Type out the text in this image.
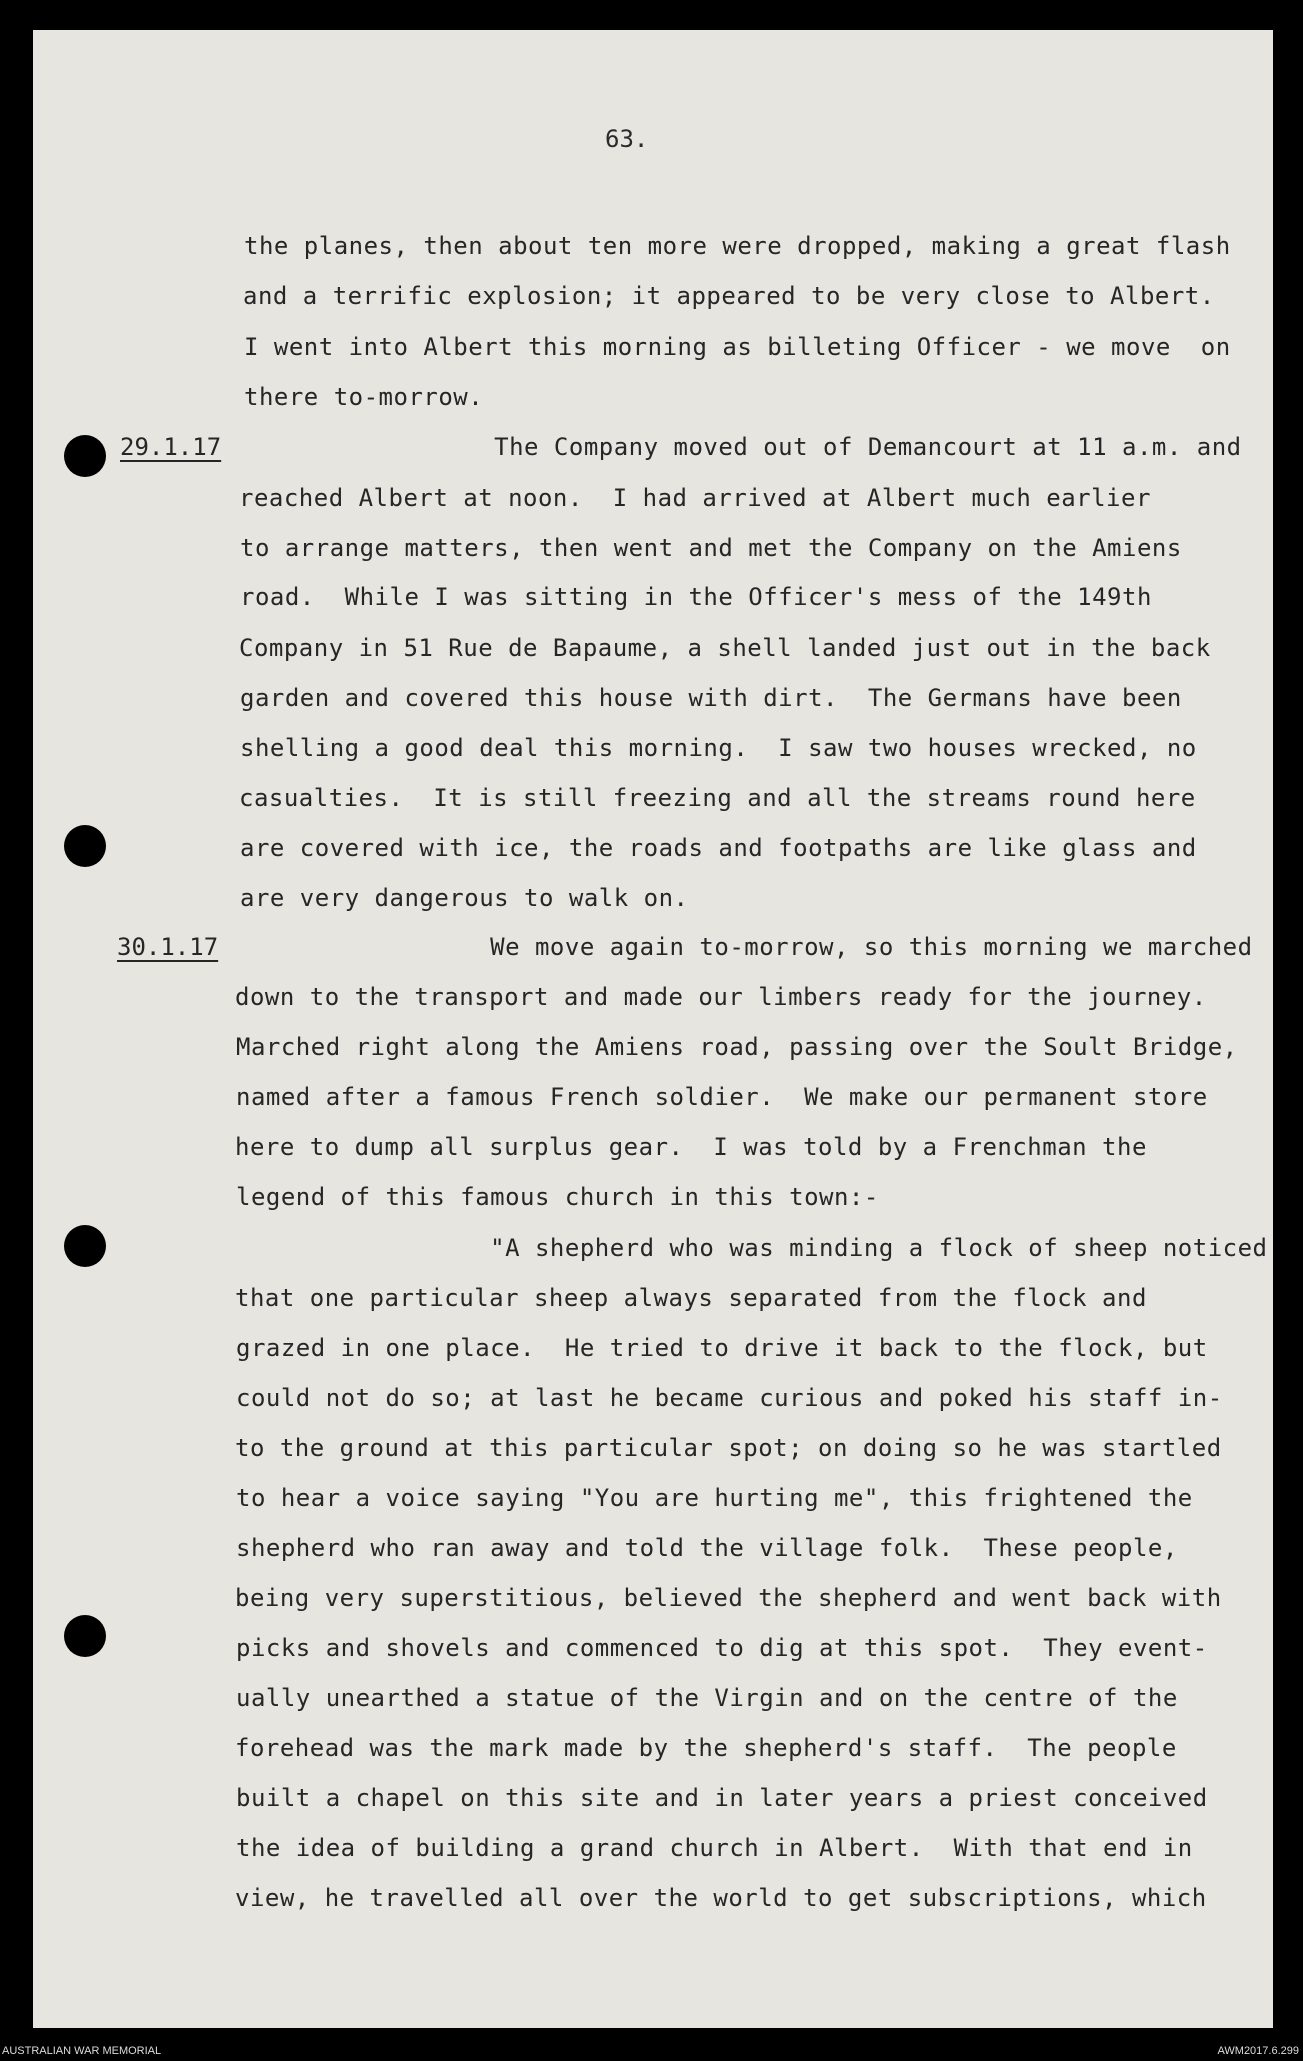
63.
the planes, then about ten more were dropped, making a great flash
and a terrific explosion; it appeared to be very close to Albert.
I went into Albert this morning as billeting Officer - we move  on
there to-morrow.
29.1.17 The Company moved out of Demancourt at 11 a.m. and
reached Albert at noon.  I had arrived at Albert much earlier
to arrange matters, then went and met the Company on the Amiens
road.  While I was sitting in the Officer's mess of the 149th
Company in 51 Rue de Bapaume, a shell landed just out in the back
garden and covered this house with dirt.  The Germans have been
shelling a good deal this morning.  I saw two houses wrecked, no
casualties.  It is still freezing and all the streams round here
are covered with ice, the roads and footpaths are like glass and
are very dangerous to walk on.
30.1.17 We move again to-morrow, so this morning we marched
down to the transport and made our limbers ready for the journey.
Marched right along the Amiens road, passing over the Soult Bridge,
named after a famous French soldier.  We make our permanent store
here to dump all surplus gear.  I was told by a Frenchman the
legend of this famous church in this town:-
"A shepherd who was minding a flock of sheep noticed
that one particular sheep always separated from the flock and
grazed in one place.  He tried to drive it back to the flock, but
could not do so; at last he became curious and poked his staff in-
to the ground at this particular spot; on doing so he was startled
to hear a voice saying "You are hurting me", this frightened the
shepherd who ran away and told the village folk.  These people,
being very superstitious, believed the shepherd and went back with
picks and shovels and commenced to dig at this spot.  They event-
ually unearthed a statue of the Virgin and on the centre of the
forehead was the mark made by the shepherd's staff.  The people
built a chapel on this site and in later years a priest conceived
the idea of building a grand church in Albert.  With that end in
view, he travelled all over the world to get subscriptions, which
AUSTRALIAN WAR MEMORIAL	AWM2017.6.299
